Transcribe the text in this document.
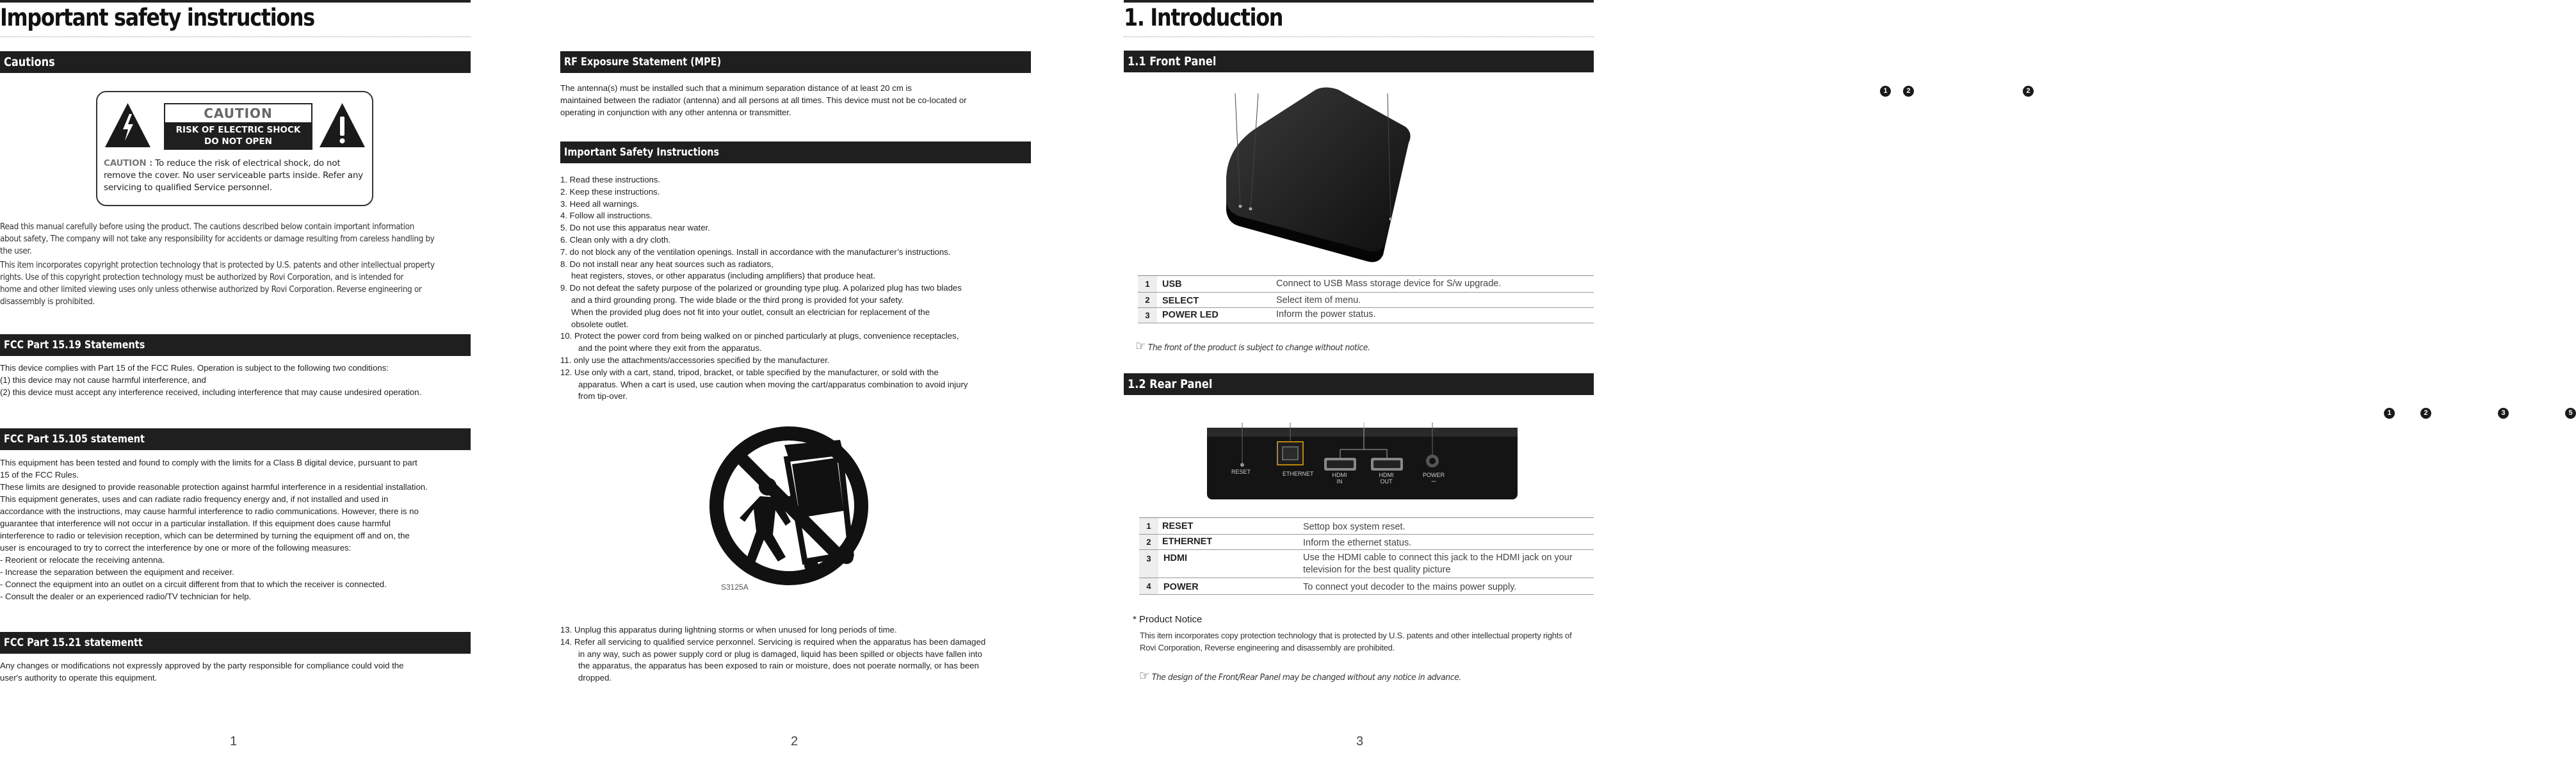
Important safety instructions
Cautions
CAUTION
RISK OF ELECTRIC SHOCK
DO NOT OPEN
CAUTION : To reduce the risk of electrical shock, do not
remove the cover. No user serviceable parts inside. Refer any
servicing to qualified Service personnel.

Read this manual carefully before using the product. The cautions described below contain important information

about safety, The company will not take any responsibility for accidents or damage resulting from careless handling by

the user.

This item incorporates copyright protection technology that is protected by U.S. patents and other intellectual property

rights. Use of this copyright protection technology must be authorized by Rovi Corporation, and is intended for

home and other limited viewing uses only unless otherwise authorized by Rovi Corporation. Reverse engineering or

disassembly is prohibited.

FCC Part 15.19 Statements

This device complies with Part 15 of the FCC Rules. Operation is subject to the following two conditions:

(1) this device may not cause harmful interference, and

(2) this device must accept any interference received, including interference that may cause undesired operation.

FCC Part 15.105 statement

This equipment has been tested and found to comply with the limits for a Class B digital device, pursuant to part

15 of the FCC Rules.

These limits are designed to provide reasonable protection against harmful interference in a residential installation.

This equipment generates, uses and can radiate radio frequency energy and, if not installed and used in

accordance with the instructions, may cause harmful interference to radio communications. However, there is no

guarantee that interference will not occur in a particular installation. If this equipment does cause harmful

interference to radio or television reception, which can be determined by turning the equipment off and on, the

user is encouraged to try to correct the interference by one or more of the following measures:

- Reorient or relocate the receiving antenna.

- Increase the separation between the equipment and receiver.

- Connect the equipment into an outlet on a circuit different from that to which the receiver is connected.

- Consult the dealer or an experienced radio/TV technician for help.

FCC Part 15.21 statementt

Any changes or modifications not expressly approved by the party responsible for compliance could void the

user's authority to operate this equipment.

1
RF Exposure Statement (MPE)

The antenna(s) must be installed such that a minimum separation distance of at least 20 cm is

maintained between the radiator (antenna) and all persons at all times. This device must not be co-located or

operating in conjunction with any other antenna or transmitter.

Important Safety Instructions

1. Read these instructions.

2. Keep these instructions.

3. Heed all warnings.

4. Follow all instructions.

5. Do not use this apparatus near water.

6. Clean only with a dry cloth.

7. do not block any of the ventilation openings. Install in accordance with the manufacturer’s instructions.

8. Do not install near any heat sources such as radiators,

heat registers, stoves, or other apparatus (including amplifiers) that produce heat.

9. Do not defeat the safety purpose of the polarized or grounding type plug. A polarized plug has two blades

and a third grounding prong. The wide blade or the third prong is provided fot your safety.

When the provided plug does not fit into your outlet, consult an electrician for replacement of the

obsolete outlet.

10. Protect the power cord from being walked on or pinched particularly at plugs, convenience receptacles,

and the point where they exit from the apparatus.

11. only use the attachments/accessories specified by the manufacturer.

12. Use only with a cart, stand, tripod, bracket, or table specified by the manufacturer, or sold with the

apparatus. When a cart is used, use caution when moving the cart/apparatus combination to avoid injury

from tip-over.

S3125A

13. Unplug this apparatus during lightning storms or when unused for long periods of time.

14. Refer all servicing to qualified service perxonnel. Servicing is required when the apparatus has been damaged

in any way, such as power supply cord or plug is damaged, liquid has been spilled or objects have fallen into

the apparatus, the apparatus has been exposed to rain or moisture, does not poerate normally, or has been

dropped.

2
1. Introduction
1.1 Front Panel
1	2	2
1	USB	Connect to USB Mass storage device for S/w upgrade.
2	SELECT	Select item of menu.
3	POWER LED	Inform the power status.
☞ The front of the product is subject to change without notice.
1.2 Rear Panel
RESET	ETHERNET	HDMI
IN
HDMI
OUT
POWER
⎓
1	2	3	5
1	RESET	Settop box system reset.
2	ETHERNET	Inform the ethernet status.
3	HDMI	Use the HDMI cable to connect this jack to the HDMI jack on your
television for the best quality picture
4	POWER	To connect yout decoder to the mains power supply.
* Product Notice

This item incorporates copy protection technology that is protected by U.S. patents and other intellectual property rights of

Rovi Corporation, Reverse engineering and disassembly are prohibited.

☞ The design of the Front/Rear Panel may be changed without any notice in advance.
3
